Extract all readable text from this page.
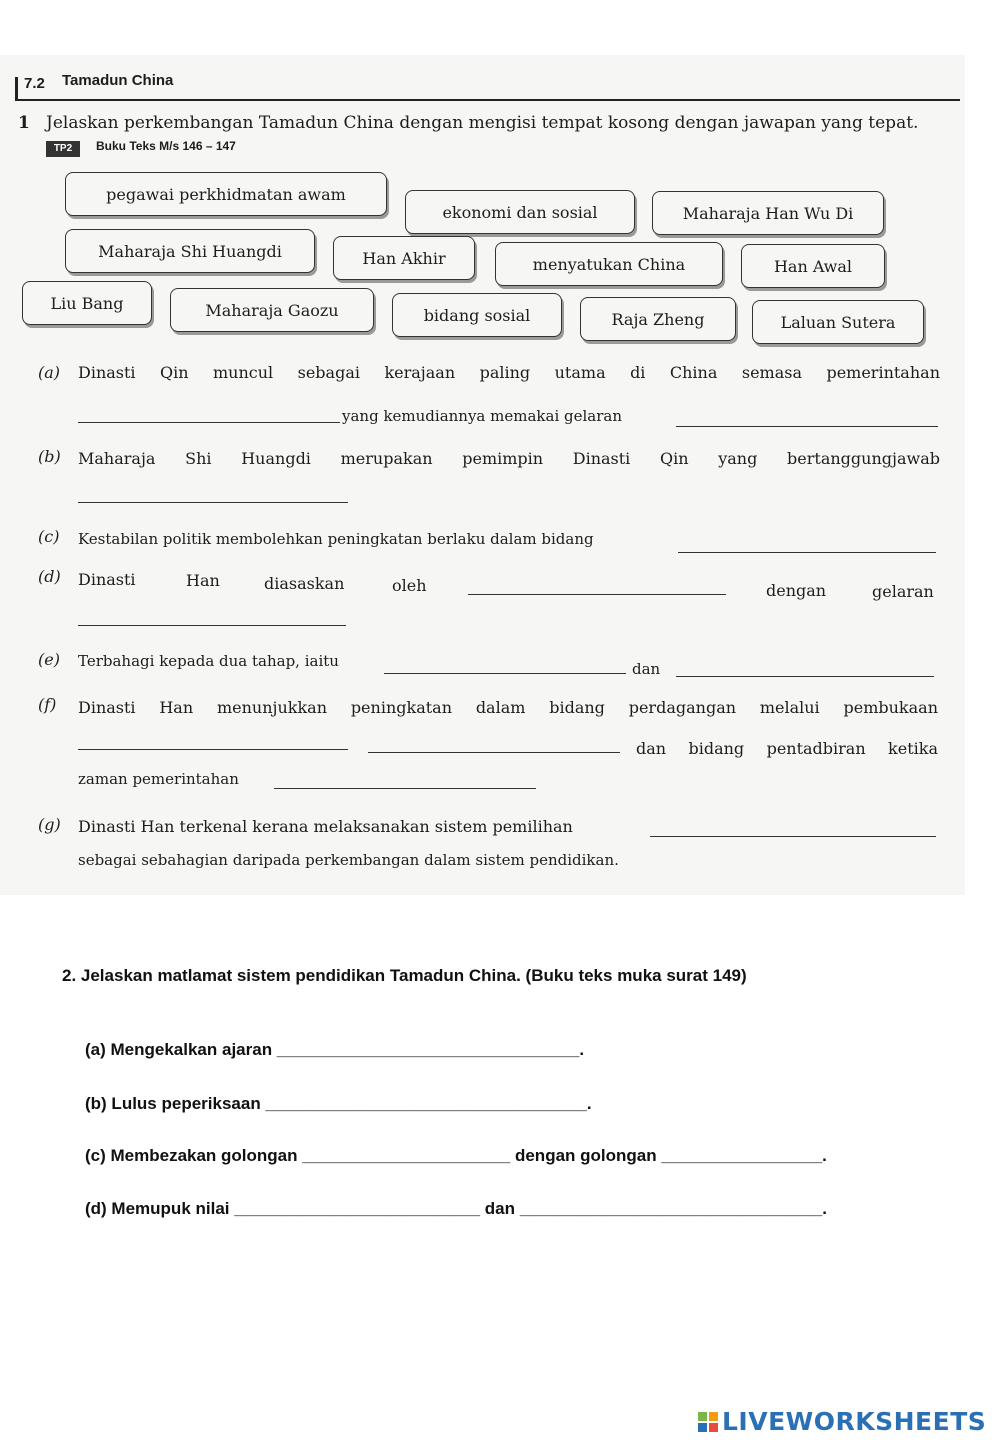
7.2 Tamadun China
1 Jelaskan perkembangan Tamadun China dengan mengisi tempat kosong dengan jawapan yang tepat.
TP2	Buku Teks M/s 146 – 147
pegawai perkhidmatan awam
ekonomi dan sosial	Maharaja Han Wu Di
Maharaja Shi Huangdi	Han Akhir	menyatukan China	Han Awal
Liu Bang	Maharaja Gaozu	bidang sosial	Raja Zheng	Laluan Sutera
(a) Dinasti Qin muncul sebagai kerajaan paling utama di China semasa pemerintahan
yang kemudiannya memakai gelaran
(b) Maharaja Shi Huangdi merupakan pemimpin Dinasti Qin yang bertanggungjawab
(c) Kestabilan politik membolehkan peningkatan berlaku dalam bidang
(d) Dinasti	Han	diasaskan	oleh	dengan	gelaran
(e) Terbahagi kepada dua tahap, iaitu	dan
(f) Dinasti Han menunjukkan peningkatan dalam bidang perdagangan melalui pembukaan
dan bidang pentadbiran ketika
zaman pemerintahan
(g) Dinasti Han terkenal kerana melaksanakan sistem pemilihan
sebagai sebahagian daripada perkembangan dalam sistem pendidikan.
2. Jelaskan matlamat sistem pendidikan Tamadun China. (Buku teks muka surat 149)
(a) Mengekalkan ajaran ________________________________.
(b) Lulus peperiksaan __________________________________.
(c) Membezakan golongan ______________________ dengan golongan _________________.
(d) Memupuk nilai __________________________ dan ________________________________.
LIVEWORKSHEETS
